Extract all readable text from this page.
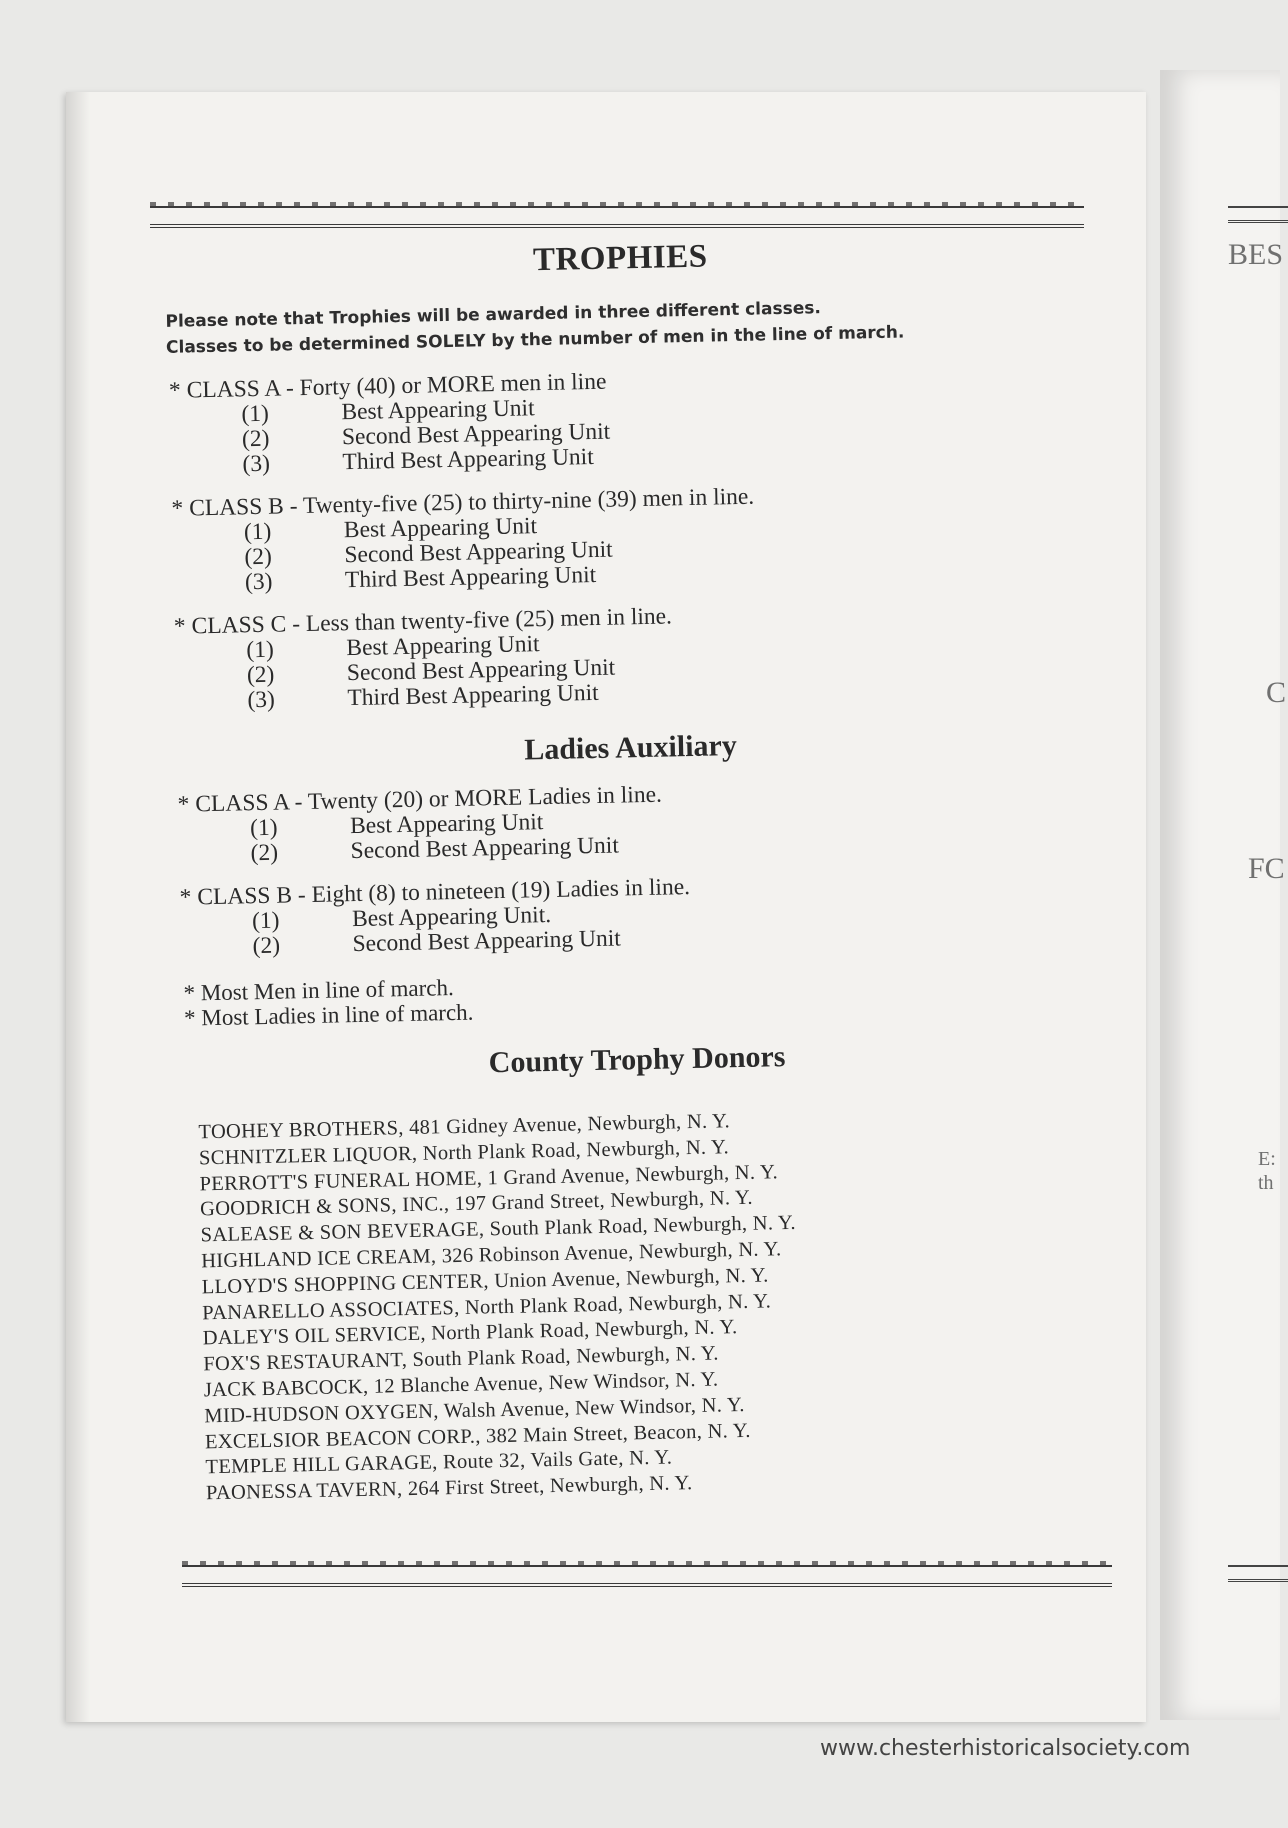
BES
C
FC
E:
th
TROPHIES
Please note that Trophies will be awarded in three different classes.
Classes to be determined SOLELY by the number of men in the line of march.
* CLASS A - Forty (40) or MORE men in line
(1)	Best Appearing Unit
(2)	Second Best Appearing Unit
(3)	Third Best Appearing Unit
* CLASS B - Twenty-five (25) to thirty-nine (39) men in line.
(1)	Best Appearing Unit
(2)	Second Best Appearing Unit
(3)	Third Best Appearing Unit
* CLASS C - Less than twenty-five (25) men in line.
(1)	Best Appearing Unit
(2)	Second Best Appearing Unit
(3)	Third Best Appearing Unit
Ladies Auxiliary
* CLASS A - Twenty (20) or MORE Ladies in line.
(1)	Best Appearing Unit
(2)	Second Best Appearing Unit
* CLASS B - Eight (8) to nineteen (19) Ladies in line.
(1)	Best Appearing Unit.
(2)	Second Best Appearing Unit
* Most Men in line of march.
* Most Ladies in line of march.
County Trophy Donors
TOOHEY BROTHERS, 481 Gidney Avenue, Newburgh, N. Y.
SCHNITZLER LIQUOR, North Plank Road, Newburgh, N. Y.
PERROTT'S FUNERAL HOME, 1 Grand Avenue, Newburgh, N. Y.
GOODRICH & SONS, INC., 197 Grand Street, Newburgh, N. Y.
SALEASE & SON BEVERAGE, South Plank Road, Newburgh, N. Y.
HIGHLAND ICE CREAM, 326 Robinson Avenue, Newburgh, N. Y.
LLOYD'S SHOPPING CENTER, Union Avenue, Newburgh, N. Y.
PANARELLO ASSOCIATES, North Plank Road, Newburgh, N. Y.
DALEY'S OIL SERVICE, North Plank Road, Newburgh, N. Y.
FOX'S RESTAURANT, South Plank Road, Newburgh, N. Y.
JACK BABCOCK, 12 Blanche Avenue, New Windsor, N. Y.
MID-HUDSON OXYGEN, Walsh Avenue, New Windsor, N. Y.
EXCELSIOR BEACON CORP., 382 Main Street, Beacon, N. Y.
TEMPLE HILL GARAGE, Route 32, Vails Gate, N. Y.
PAONESSA TAVERN, 264 First Street, Newburgh, N. Y.
www.chesterhistoricalsociety.com
